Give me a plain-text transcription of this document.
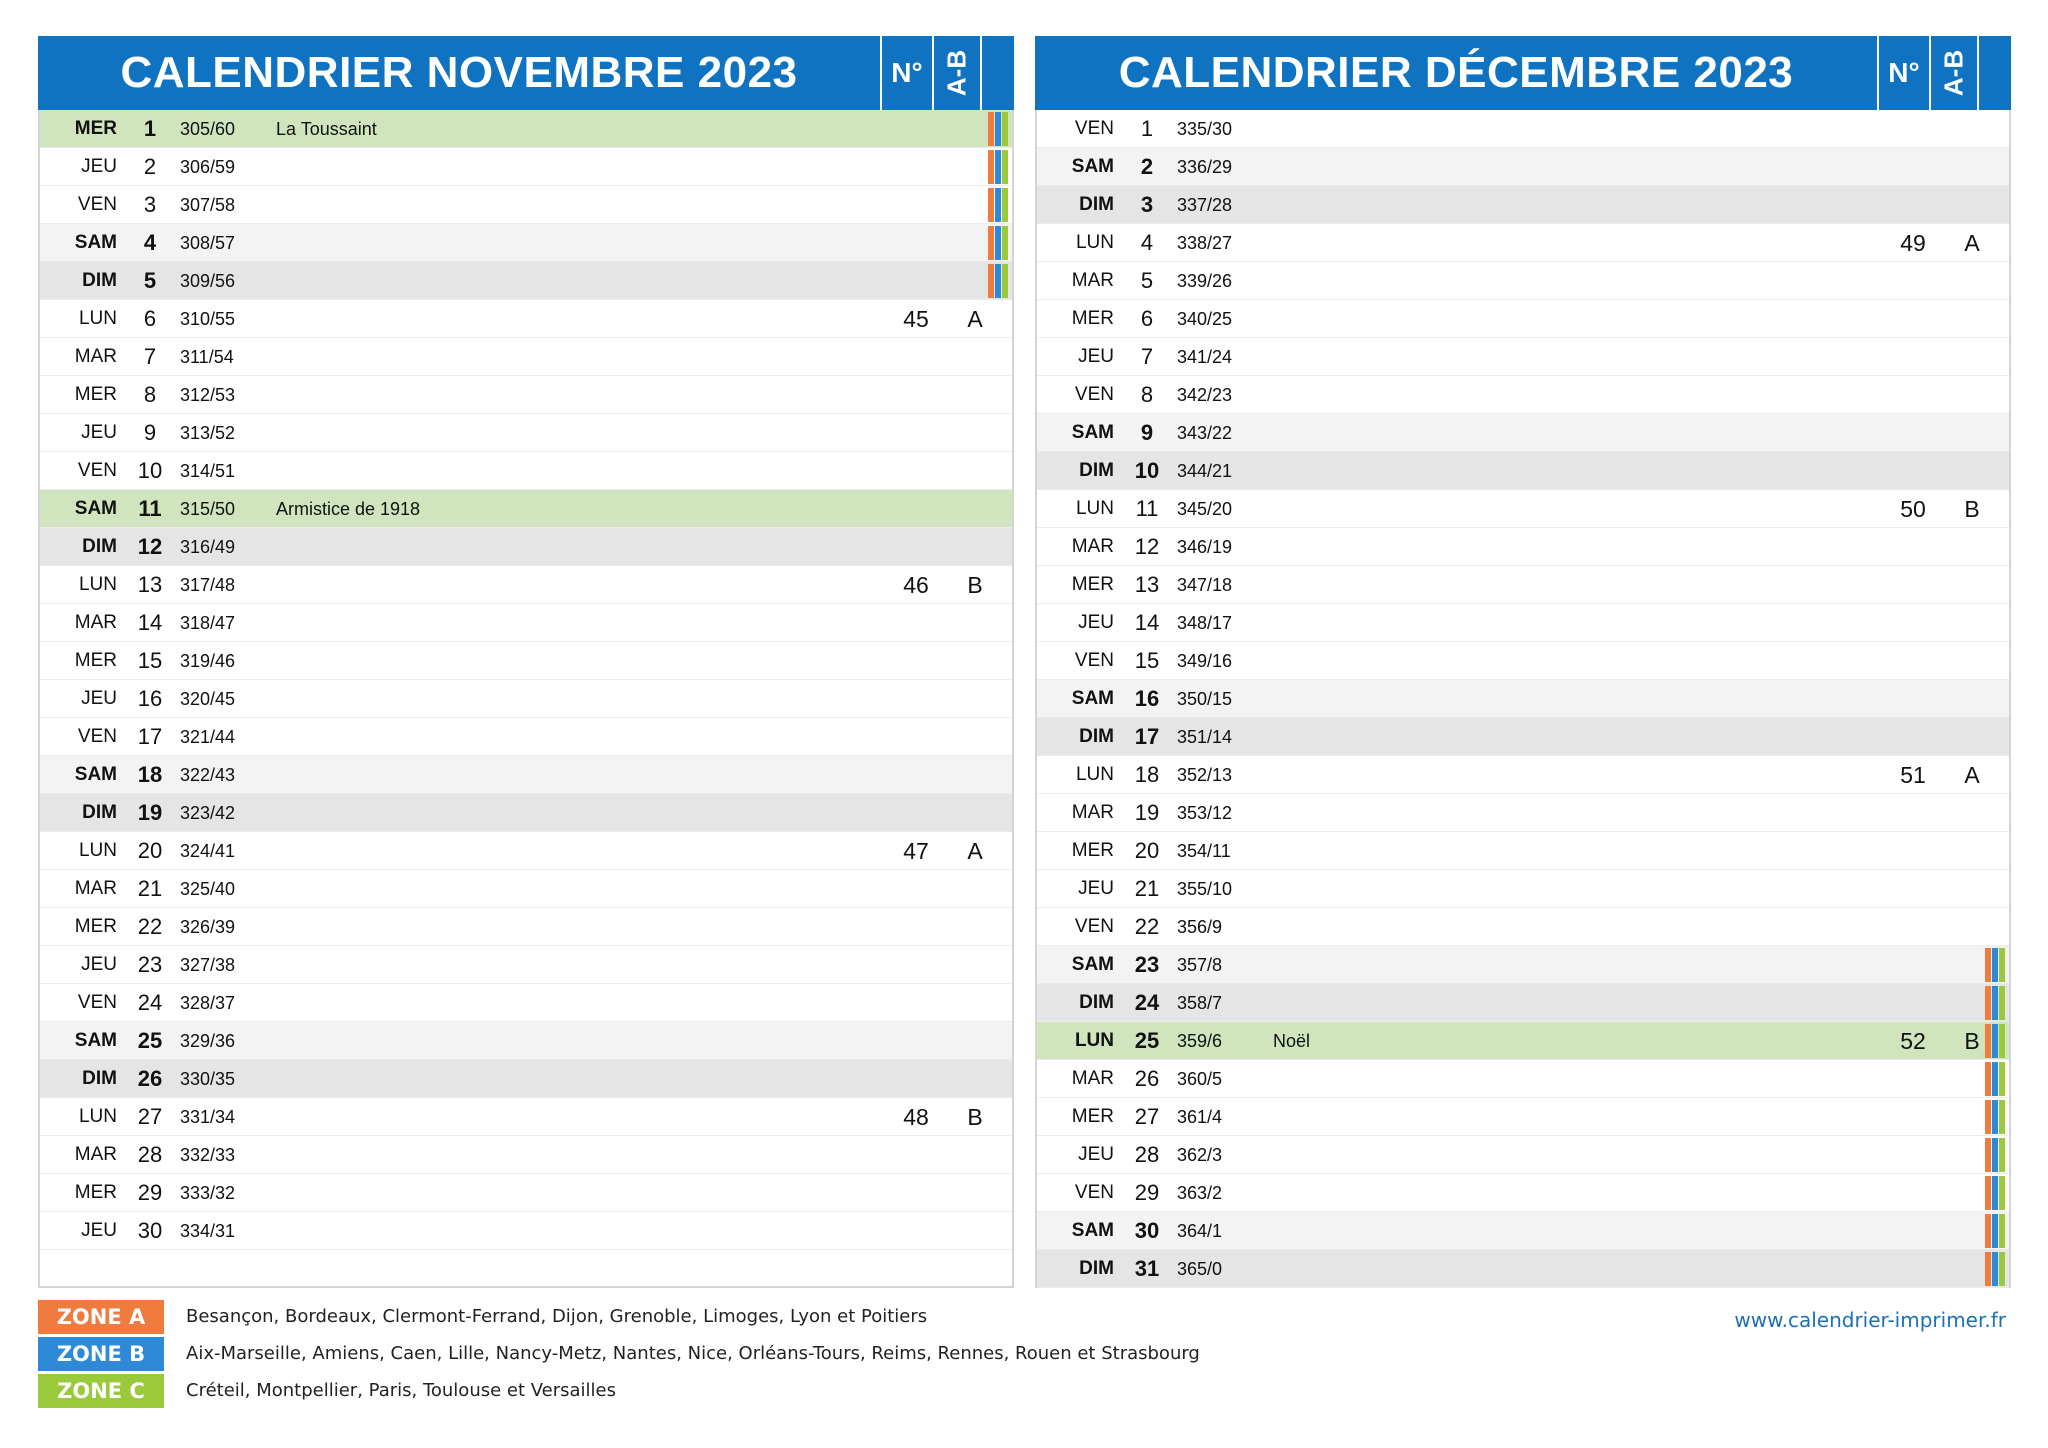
CALENDRIER NOVEMBRE 2023	N° A-B
MER	1	305/60 La Toussaint
JEU	2	306/59
VEN	3	307/58
SAM	4	308/57
DIM	5	309/56
LUN	6	310/55	45	A
MAR	7	311/54
MER	8	312/53
JEU	9	313/52
VEN 10 314/51
SAM 11	315/50 Armistice de 1918
DIM 12 316/49
LUN 13 317/48	46	B
MAR 14 318/47
MER 15 319/46
JEU 16 320/45
VEN 17 321/44
SAM 18 322/43
DIM 19 323/42
LUN 20 324/41	47	A
MAR 21 325/40
MER 22 326/39
JEU 23 327/38
VEN 24 328/37
SAM 25 329/36
DIM 26 330/35
LUN 27 331/34	48	B
MAR 28 332/33
MER 29 333/32
JEU 30 334/31
CALENDRIER DÉCEMBRE 2023	N° A-B
VEN	1	335/30
SAM	2	336/29
DIM	3	337/28
LUN	4	338/27	49	A
MAR	5	339/26
MER	6	340/25
JEU	7	341/24
VEN	8	342/23
SAM	9	343/22
DIM 10 344/21
LUN 11	345/20	50	B
MAR 12 346/19
MER 13 347/18
JEU 14 348/17
VEN 15 349/16
SAM 16 350/15
DIM 17 351/14
LUN 18 352/13	51	A
MAR 19 353/12
MER 20 354/11
JEU 21 355/10
VEN 22 356/9
SAM 23 357/8
DIM 24 358/7
LUN 25 359/6	Noël	52	B
MAR 26 360/5
MER 27 361/4
JEU 28 362/3
VEN 29 363/2
SAM 30 364/1
DIM 31 365/0
ZONE A	Besançon, Bordeaux, Clermont-Ferrand, Dijon, Grenoble, Limoges, Lyon et Poitiers
ZONE B	Aix-Marseille, Amiens, Caen, Lille, Nancy-Metz, Nantes, Nice, Orléans-Tours, Reims, Rennes, Rouen et Strasbourg
ZONE C	Créteil, Montpellier, Paris, Toulouse et Versailles
www.calendrier-imprimer.fr
